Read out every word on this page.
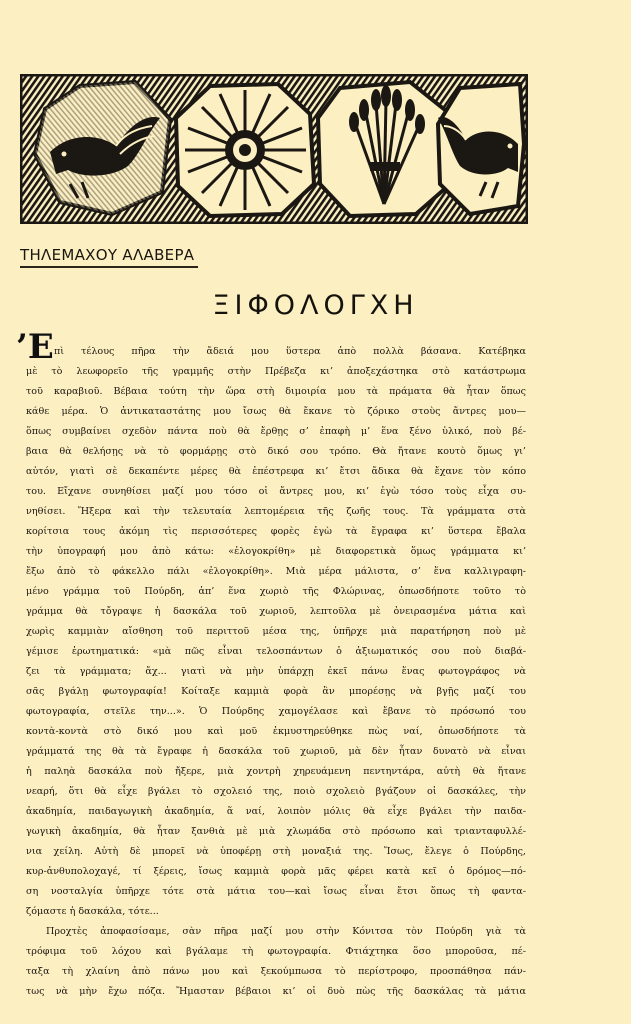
ΤΗΛΕΜΑΧΟΥ ΑΛΑΒΕΡΑ
ΞΙΦΟΛΟΓΧΗ
’Ε πὶ τέλους πῆρα τὴν ἄδειά μου ὕστερα ἀπὸ πολλὰ βάσανα. Κατέβηκα
μὲ τὸ λεωφορεῖο τῆς γραμμῆς στὴν Πρέβεζα κι’ ἀποξεχάστηκα στὸ κατάστρωμα
τοῦ καραβιοῦ. Βέβαια τούτη τὴν ὥρα στὴ διμοιρία μου τὰ πράματα θὰ ἦταν ὅπως
κάθε μέρα. Ὁ ἀντικαταστάτης μου ἴσως θὰ ἔκανε τὸ ζόρικο στοὺς ἄντρες μου—
ὅπως συμβαίνει σχεδὸν πάντα ποὺ θὰ ἔρθῃς σ’ ἐπαφὴ μ’ ἕνα ξένο ὑλικό, ποὺ βέ-
βαια θὰ θελήσῃς νὰ τὸ φορμάρῃς στὸ δικό σου τρόπο. Θὰ ἤτανε κουτὸ ὅμως γι’
αὐτόν, γιατὶ σὲ δεκαπέντε μέρες θὰ ἐπέστρεφα κι’ ἔτσι ἄδικα θὰ ἔχανε τὸν κόπο
του. Εἴχανε συνηθίσει μαζί μου τόσο οἱ ἄντρες μου, κι’ ἐγὼ τόσο τοὺς εἶχα συ-
νηθίσει. Ἤξερα καὶ τὴν τελευταία λεπτομέρεια τῆς ζωῆς τους. Τὰ γράμματα στὰ
κορίτσια τους ἀκόμη τὶς περισσότερες φορὲς ἐγὼ τὰ ἔγραφα κι’ ὕστερα ἔβαλα
τὴν ὑπογραφή μου ἀπὸ κάτω: «ἐλογοκρίθη» μὲ διαφορετικὰ ὅμως γράμματα κι’
ἔξω ἀπὸ τὸ φάκελλο πάλι «ἐλογοκρίθη». Μιὰ μέρα μάλιστα, σ’ ἕνα καλλιγραφη-
μένο γράμμα τοῦ Πούρδη, ἀπ’ ἕνα χωριὸ τῆς Φλώρινας, ὁπωσδήποτε τοῦτο τὸ
γράμμα θὰ τὄγραψε ἡ δασκάλα τοῦ χωριοῦ, λεπτοῦλα μὲ ὀνειρασμένα μάτια καὶ
χωρὶς καμμιὰν αἴσθηση τοῦ περιττοῦ μέσα της, ὑπῆρχε μιὰ παρατήρηση ποὺ μὲ
γέμισε ἐρωτηματικά: «μὰ πῶς εἶναι τελοσπάντων ὁ ἀξιωματικός σου ποὺ διαβά-
ζει τὰ γράμματα; ἄχ... γιατὶ νὰ μὴν ὑπάρχῃ ἐκεῖ πάνω ἕνας φωτογράφος νὰ
σᾶς βγάλῃ φωτογραφία! Κοίταξε καμμιὰ φορὰ ἂν μπορέσῃς νὰ βγῇς μαζί του
φωτογραφία, στεῖλε την...». Ὁ Πούρδης χαμογέλασε καὶ ἔβανε τὸ πρόσωπό του
κοντὰ-κοντὰ στὸ δικό μου καὶ μοῦ ἐκμυστηρεύθηκε πὼς ναί, ὁπωσδήποτε τὰ
γράμματά της θὰ τὰ ἔγραφε ἡ δασκάλα τοῦ χωριοῦ, μὰ δὲν ἦταν δυνατὸ νὰ εἶναι
ἡ παληὰ δασκάλα ποὺ ἤξερε, μιὰ χοντρὴ χηρευάμενη πεντηντάρα, αὐτὴ θὰ ἤτανε
νεαρή, ὅτι θὰ εἶχε βγάλει τὸ σχολειό της, ποιὸ σχολειὸ βγάζουν οἱ δασκάλες, τὴν
ἀκαδημία, παιδαγωγικὴ ἀκαδημία, ἅ ναί, λοιπὸν μόλις θὰ εἶχε βγάλει τὴν παιδα-
γωγικὴ ἀκαδημία, θὰ ἦταν ξανθιὰ μὲ μιὰ χλωμάδα στὸ πρόσωπο καὶ τριανταφυλλέ-
νια χείλη. Αὐτὴ δὲ μπορεῖ νὰ ὑποφέρῃ στὴ μοναξιά της. Ἴσως, ἔλεγε ὁ Πούρδης,
κυρ-ἀνθυπολοχαγέ, τί ξέρεις, ἴσως καμμιὰ φορὰ μᾶς φέρει κατὰ κεῖ ὁ δρόμος—πό-
ση νοσταλγία ὑπῆρχε τότε στὰ μάτια του—καὶ ἴσως εἶναι ἔτσι ὅπως τὴ φαντα-
ζόμαστε ἡ δασκάλα, τότε...
Προχτὲς ἀποφασίσαμε, σὰν πῆρα μαζί μου στὴν Κόνιτσα τὸν Πούρδη γιὰ τὰ
τρόφιμα τοῦ λόχου καὶ βγάλαμε τὴ φωτογραφία. Φτιάχτηκα ὅσο μποροῦσα, πέ-
ταξα τὴ χλαίνη ἀπὸ πάνω μου καὶ ξεκούμπωσα τὸ περίστροφο, προσπάθησα πάν-
τως νὰ μὴν ἔχω πόζα. Ἤμασταν βέβαιοι κι’ οἱ δυὸ πὼς τῆς δασκάλας τὰ μάτια
